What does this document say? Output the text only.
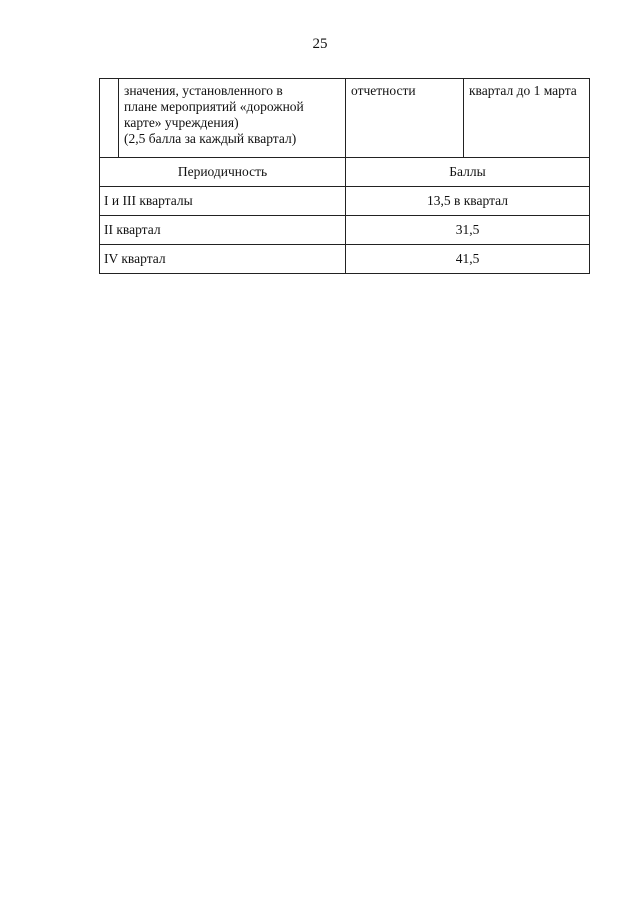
25
значения, установленного в
плане мероприятий «дорожной
карте» учреждения)
(2,5 балла за каждый квартал)	отчетности	квартал до 1 марта
Периодичность	Баллы	
I и III кварталы	13,5 в квартал	
II квартал	31,5	
IV квартал	41,5	
